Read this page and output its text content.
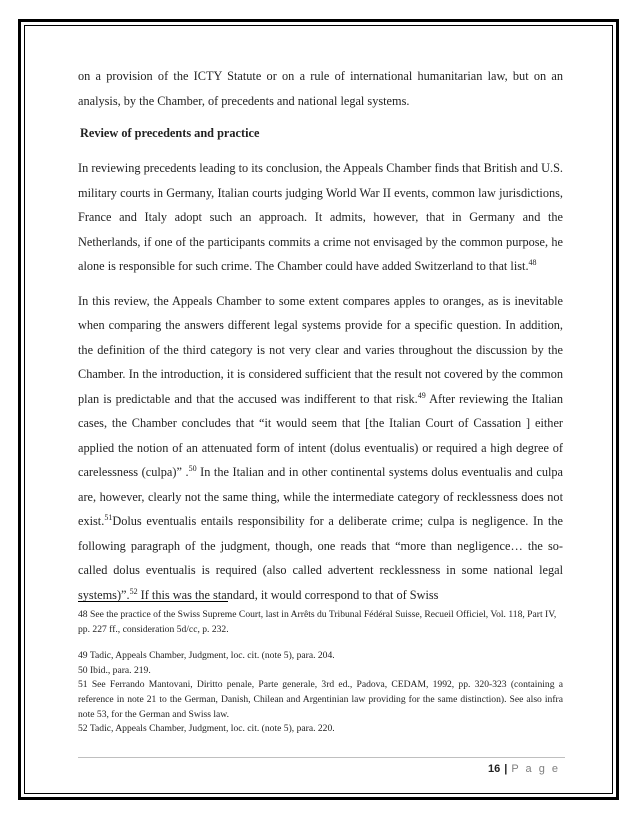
on a provision of the ICTY Statute or on a rule of international humanitarian law, but on an analysis, by the Chamber, of precedents and national legal systems.

Review of precedents and practice

In reviewing precedents leading to its conclusion, the Appeals Chamber finds that British and U.S. military courts in Germany, Italian courts judging World War II events, common law jurisdictions, France and Italy adopt such an approach. It admits, however, that in Germany and the Netherlands, if one of the participants commits a crime not envisaged by the common purpose, he alone is responsible for such crime. The Chamber could have added Switzerland to that list.$^{48}$

In this review, the Appeals Chamber to some extent compares apples to oranges, as is inevitable when comparing the answers different legal systems provide for a specific question. In addition, the definition of the third category is not very clear and varies throughout the discussion by the Chamber. In the introduction, it is considered sufficient that the result not covered by the common plan is predictable and that the accused was indifferent to that risk.$^{49}$ After reviewing the Italian cases, the Chamber concludes that “it would seem that [the Italian Court of Cassation ] either applied the notion of an attenuated form of intent (dolus eventualis) or required a high degree of carelessness (culpa)” .$^{50}$ In the Italian and in other continental systems dolus eventualis and culpa are, however, clearly not the same thing, while the intermediate category of recklessness does not exist.$^{51}$Dolus eventualis entails responsibility for a deliberate crime; culpa is negligence. In the following paragraph of the judgment, though, one reads that “more than negligence… the so-called dolus eventualis is required (also called advertent recklessness in some national legal systems)”.$^{52}$ If this was the standard, it would correspond to that of Swiss

48 See the practice of the Swiss Supreme Court, last in Arrêts du Tribunal Fédéral Suisse, Recueil Officiel, Vol. 118, Part IV,

pp. 227 ff., consideration 5d/cc, p. 232.

49 Tadic, Appeals Chamber, Judgment, loc. cit. (note 5), para. 204.

50 Ibid., para. 219.

51 See Ferrando Mantovani, Diritto penale, Parte generale, 3rd ed., Padova, CEDAM, 1992, pp. 320-323 (containing a reference in note 21 to the German, Danish, Chilean and Argentinian law providing for the same distinction). See also infra note 53, for the German and Swiss law.

52 Tadic, Appeals Chamber, Judgment, loc. cit. (note 5), para. 220.

16 | P a g e
